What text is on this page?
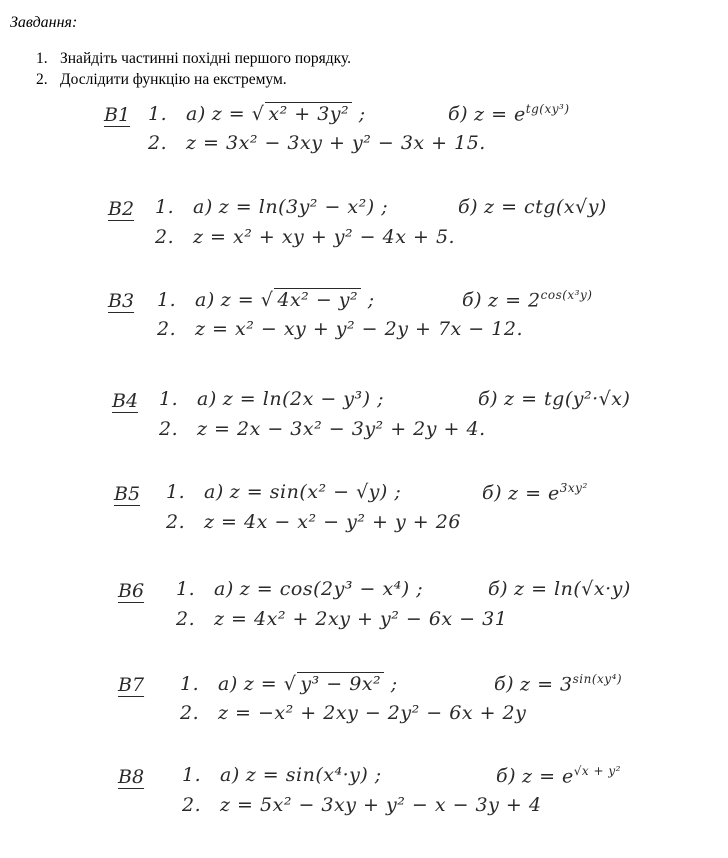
Завдання:
1. Знайдіть частинні похідні першого порядку.
2. Дослідити функцію на екстремум.
В1 1. а) z = √ x² + 3y² ;	б) $z = e^{tg(xy^3)}$
2. z = 3x² − 3xy + y² − 3x + 15.
В2 1. а) z = ln(3y² − x²) ;	б) z = ctg(x√y)
2. z = x² + xy + y² − 4x + 5.
В3 1. а) z = √ 4x² − y² ;	б) $z = 2^{cos(x^3y)}$
2. z = x² − xy + y² − 2y + 7x − 12.
В4 1. а) z = ln(2x − y³) ;	б) z = tg(y²·√x)
2. z = 2x − 3x² − 3y² + 2y + 4.
В5 1. а) z = sin(x² − √y) ;	б) $z = e^{3xy^2}$
2. z = 4x − x² − y² + y + 26
В6 1. а) z = cos(2y³ − x⁴) ;	б) z = ln(√x·y)
2. z = 4x² + 2xy + y² − 6x − 31
В7 1. а) z = √ y³ − 9x² ;	б) $z = 3^{sin(xy^4)}$
2. z = −x² + 2xy − 2y² − 6x + 2y
В8 1. а) z = sin(x⁴·y) ;	б) $z = e^{√x + y^2}$
2. z = 5x² − 3xy + y² − x − 3y + 4
